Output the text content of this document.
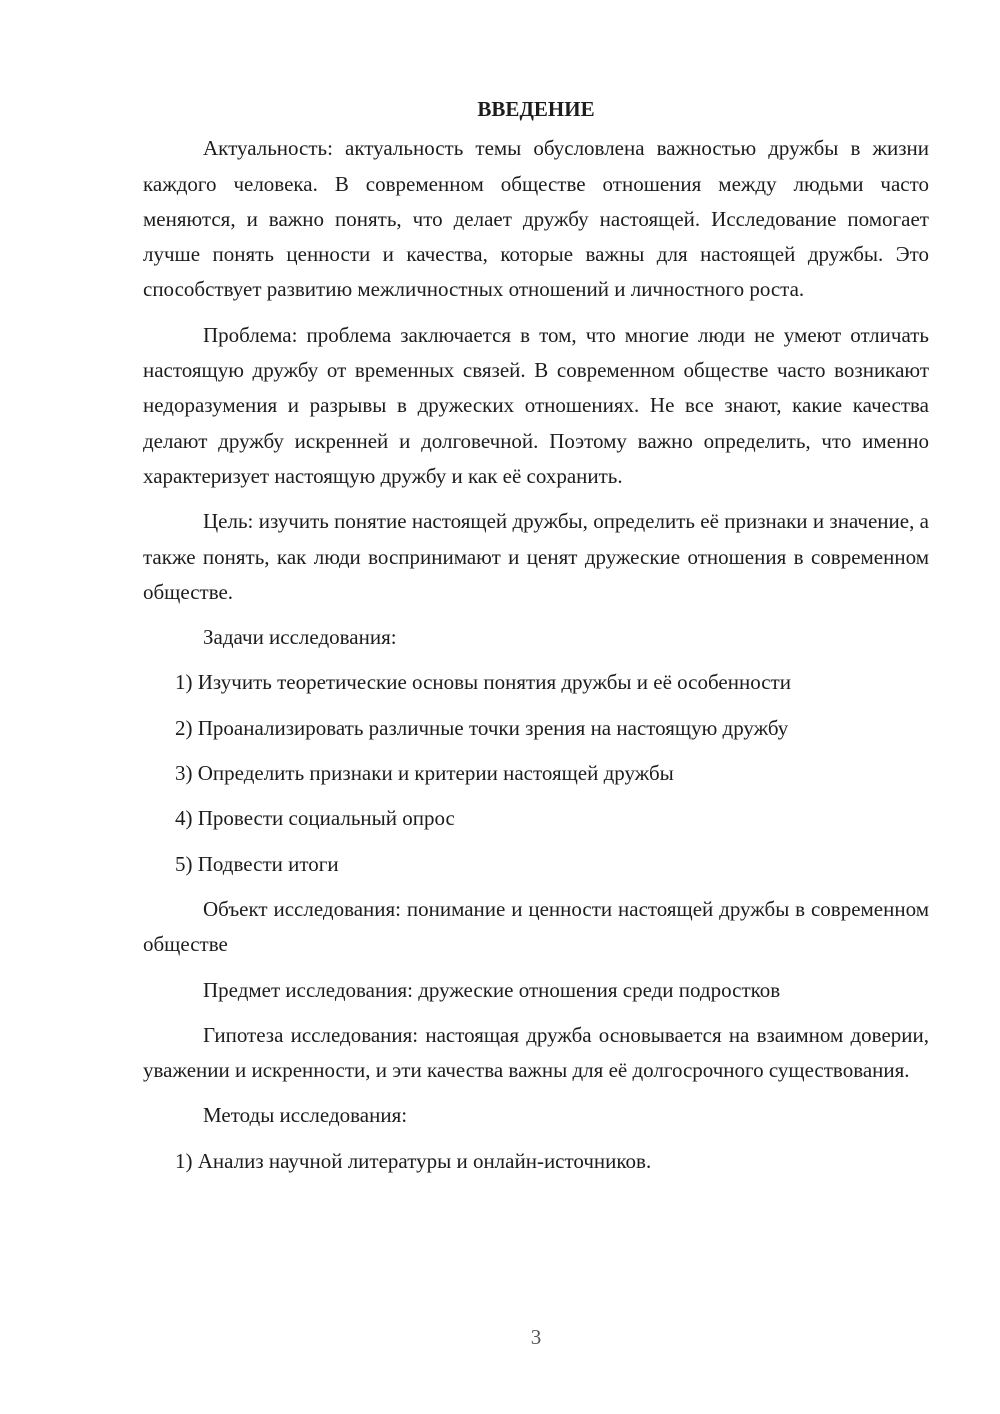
ВВЕДЕНИЕ

Актуальность: актуальность темы обусловлена важностью дружбы в жизни каждого человека. В современном обществе отношения между людьми часто меняются, и важно понять, что делает дружбу настоящей. Исследование помогает лучше понять ценности и качества, которые важны для настоящей дружбы. Это способствует развитию межличностных отношений и личностного роста.

Проблема: проблема заключается в том, что многие люди не умеют отличать настоящую дружбу от временных связей. В современном обществе часто возникают недоразумения и разрывы в дружеских отношениях. Не все знают, какие качества делают дружбу искренней и долговечной. Поэтому важно определить, что именно характеризует настоящую дружбу и как её сохранить.

Цель: изучить понятие настоящей дружбы, определить её признаки и значение, а также понять, как люди воспринимают и ценят дружеские отношения в современном обществе.

Задачи исследования:

1) Изучить теоретические основы понятия дружбы и её особенности

2) Проанализировать различные точки зрения на настоящую дружбу

3) Определить признаки и критерии настоящей дружбы

4) Провести социальный опрос

5) Подвести итоги

Объект исследования: понимание и ценности настоящей дружбы в современном обществе

Предмет исследования: дружеские отношения среди подростков

Гипотеза исследования: настоящая дружба основывается на взаимном доверии, уважении и искренности, и эти качества важны для её долгосрочного существования.

Методы исследования:

1) Анализ научной литературы и онлайн-источников.

3
